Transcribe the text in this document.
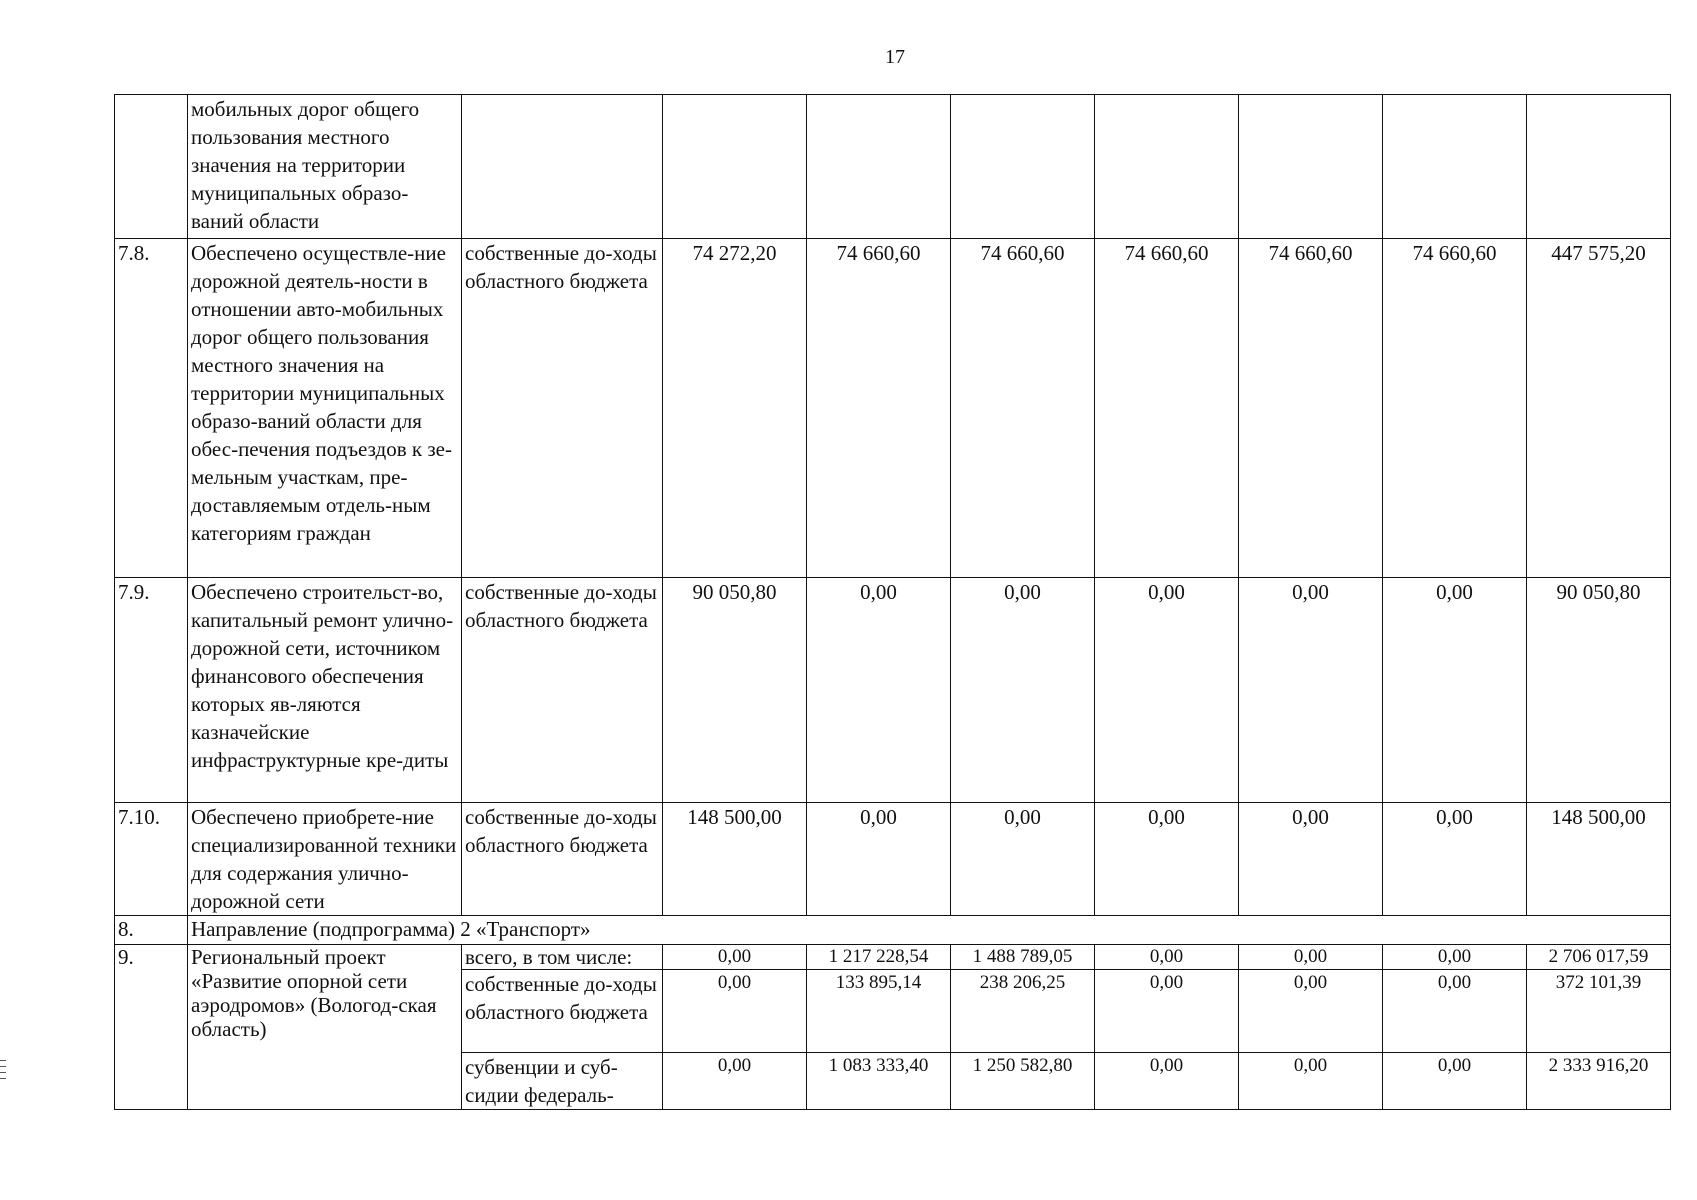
17
	мобильных дорог общего пользования местного значения на территории муниципальных образо-ваний области								
7.8.	Обеспечено осуществле-ние дорожной деятель-ности в отношении авто-мобильных дорог общего пользования местного значения на территории муниципальных образо-ваний области для обес-печения подъездов к зе-мельным участкам, пре-доставляемым отдель-ным категориям граждан	собственные до-ходы областного бюджета	74 272,20	74 660,60	74 660,60	74 660,60	74 660,60	74 660,60	447 575,20
7.9.	Обеспечено строительст-во, капитальный ремонт улично-дорожной сети, источником финансового обеспечения которых яв-ляются казначейские инфраструктурные кре-диты	собственные до-ходы областного бюджета	90 050,80	0,00	0,00	0,00	0,00	0,00	90 050,80
7.10.	Обеспечено приобрете-ние специализированной техники для содержания улично-дорожной сети	собственные до-ходы областного бюджета	148 500,00	0,00	0,00	0,00	0,00	0,00	148 500,00
8.	Направление (подпрограмма) 2 «Транспорт»								
9.	Региональный проект «Развитие опорной сети аэродромов» (Вологод-ская область)	всего, в том числе:	0,00	1 217 228,54	1 488 789,05	0,00	0,00	0,00	2 706 017,59
		собственные до-ходы областного бюджета	0,00	133 895,14	238 206,25	0,00	0,00	0,00	372 101,39
		субвенции и суб-сидии федераль-	0,00	1 083 333,40	1 250 582,80	0,00	0,00	0,00	2 333 916,20
